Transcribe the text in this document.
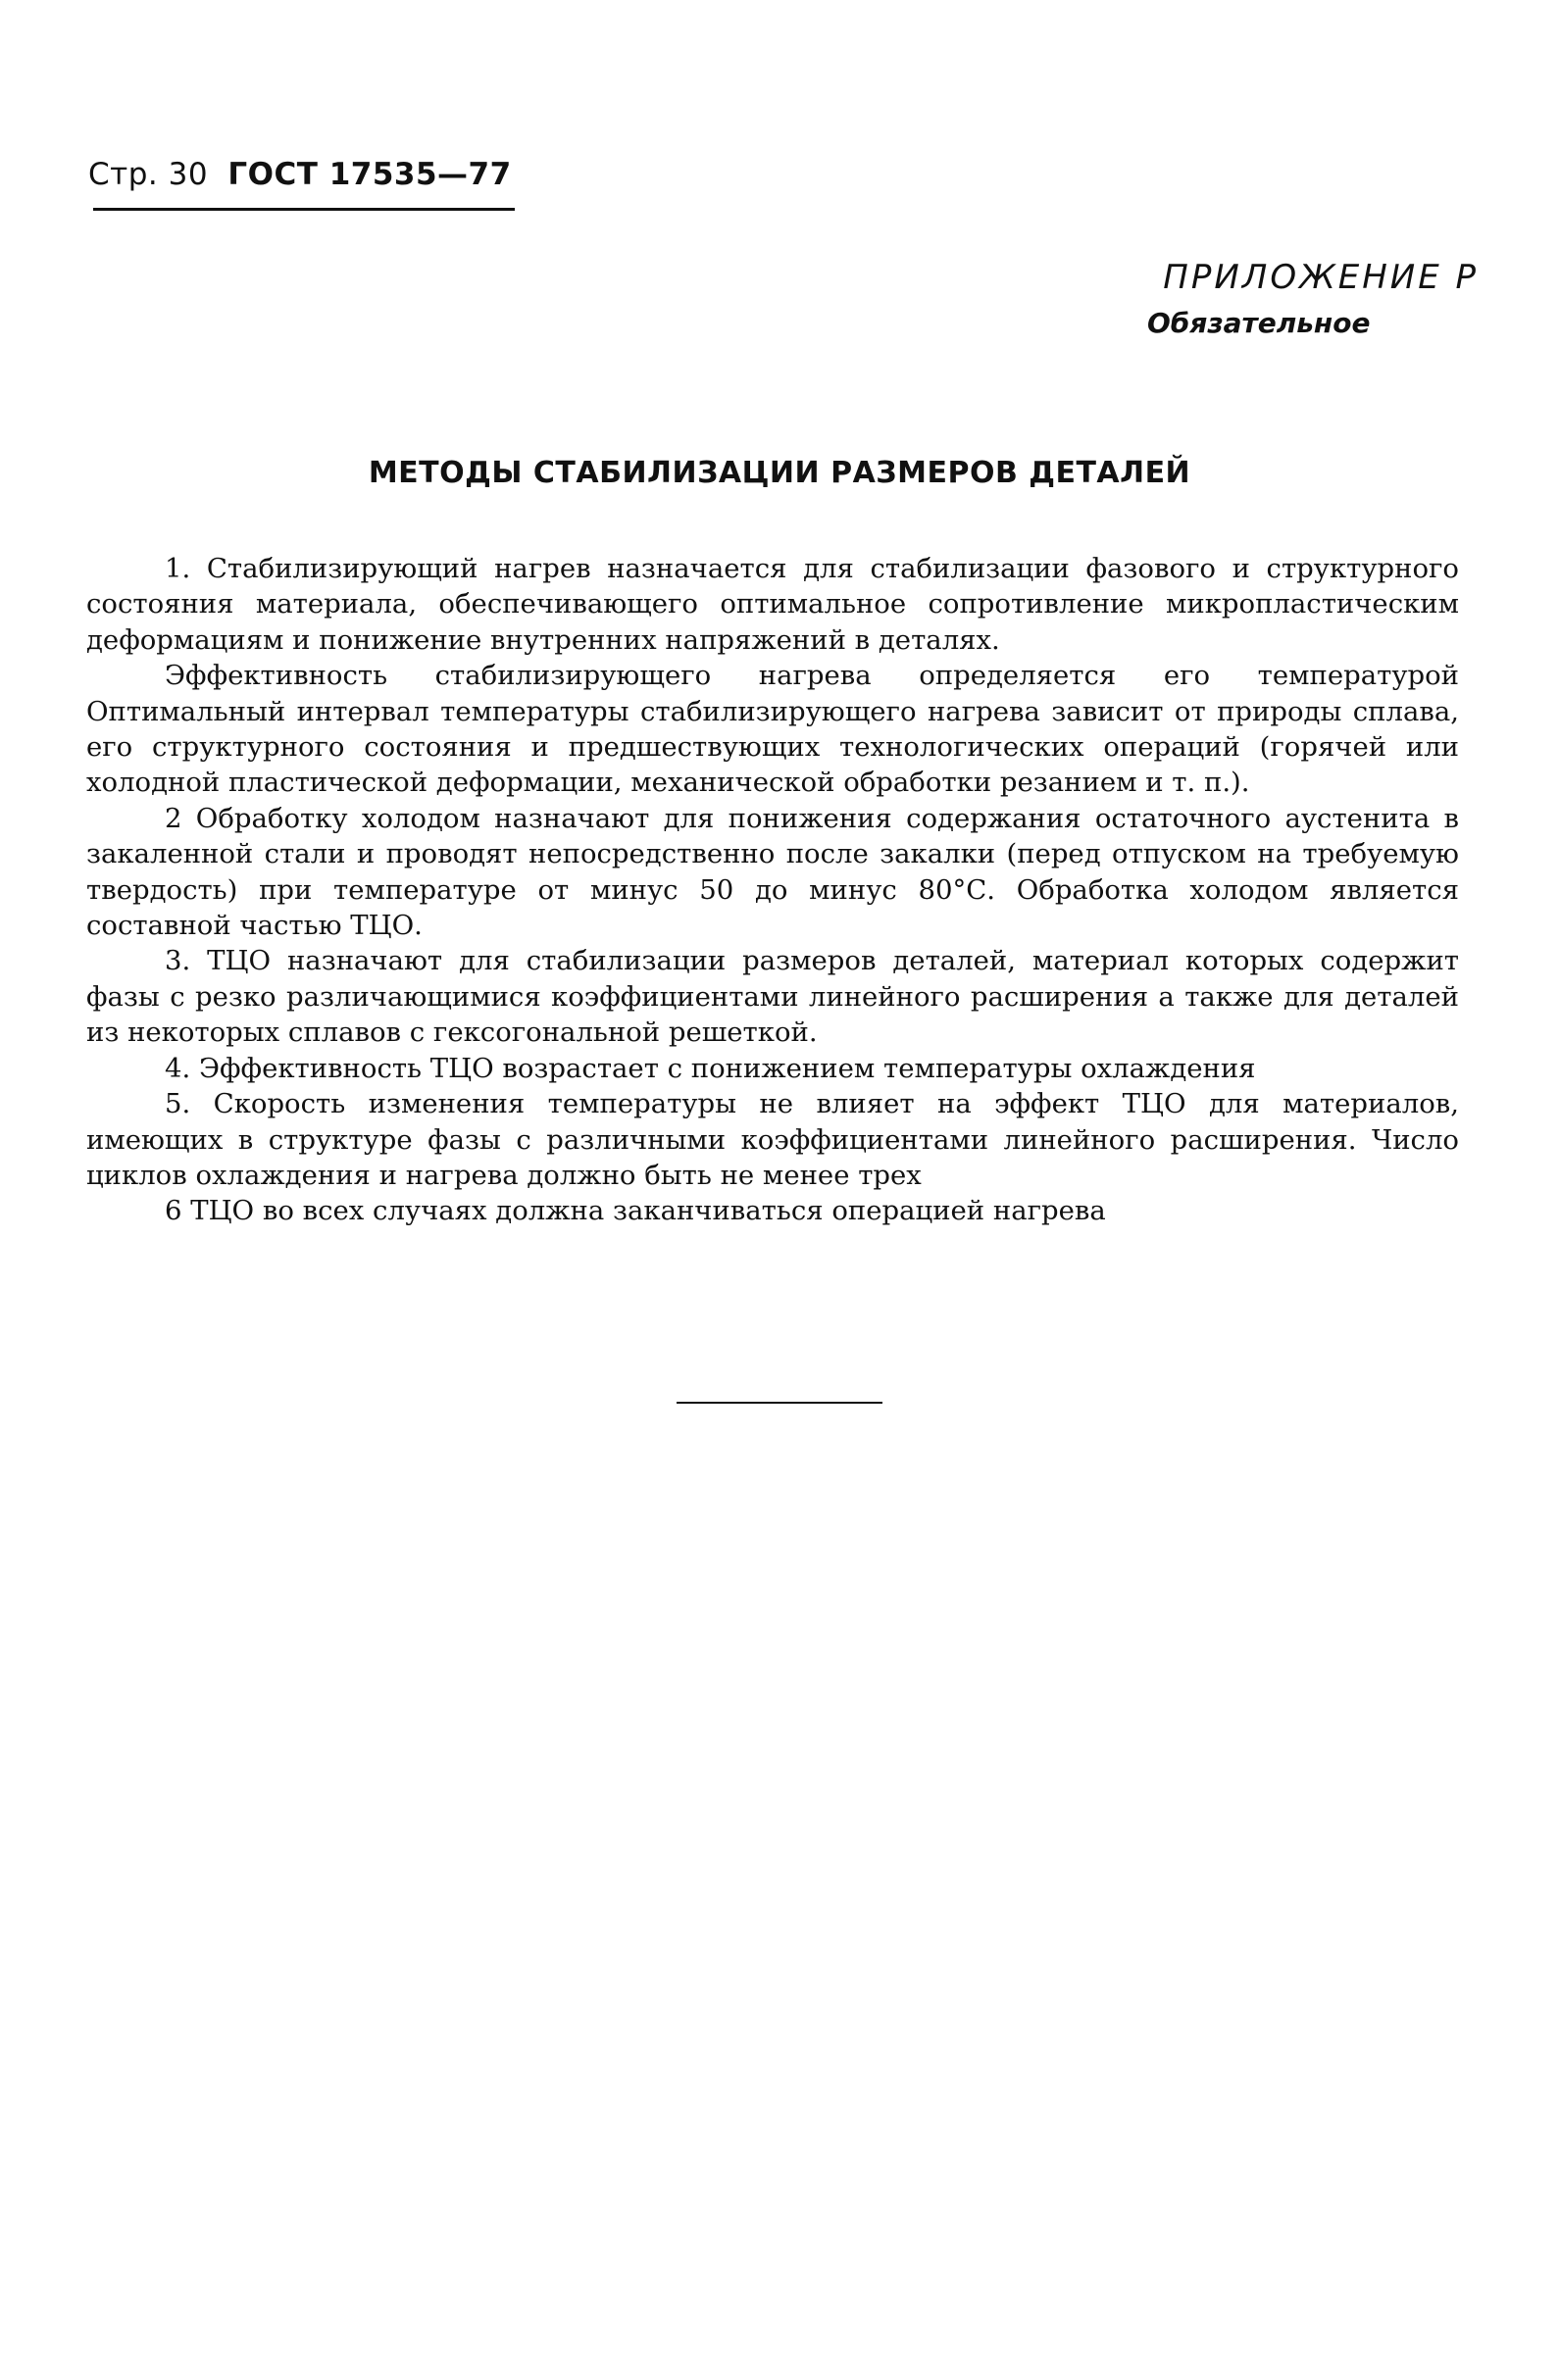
Стр. 30 ГОСТ 17535—77
ПРИЛОЖЕНИЕ Р
Обязательное
МЕТОДЫ СТАБИЛИЗАЦИИ РАЗМЕРОВ ДЕТАЛЕЙ

1. Стабилизирующий нагрев назначается для стабилизации фазового и структурного состояния материала, обеспечивающего оптимальное сопротивление микропластическим деформациям и понижение внутренних напряжений в деталях.

Эффективность стабилизирующего нагрева определяется его температурой Оптимальный интервал температуры стабилизирующего нагрева зависит от природы сплава, его структурного состояния и предшествующих технологических операций (горячей или холодной пластической деформации, механической обработки резанием и т. п.).

2 Обработку холодом назначают для понижения содержания остаточного аустенита в закаленной стали и проводят непосредственно после закалки (перед отпуском на требуемую твердость) при температуре от минус 50 до минус 80°С. Обработка холодом является составной частью ТЦО.

3. ТЦО назначают для стабилизации размеров деталей, материал которых содержит фазы с резко различающимися коэффициентами линейного расширения а также для деталей из некоторых сплавов с гексогональной решеткой.

4. Эффективность ТЦО возрастает с понижением температуры охлаждения

5. Скорость изменения температуры не влияет на эффект ТЦО для материалов, имеющих в структуре фазы с различными коэффициентами линейного расширения. Число циклов охлаждения и нагрева должно быть не менее трех

6 ТЦО во всех случаях должна заканчиваться операцией нагрева
